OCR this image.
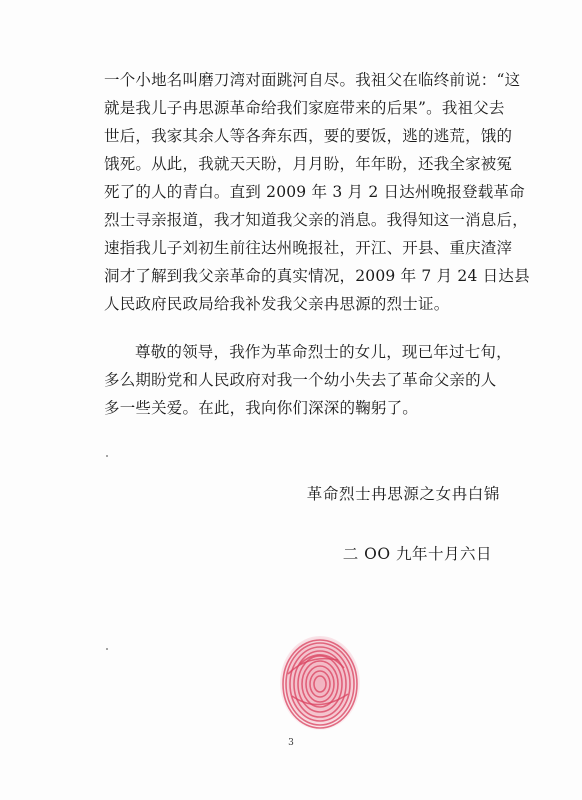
一个小地名叫磨刀湾对面跳河自尽。我祖父在临终前说：“这
就是我儿子冉思源革命给我们家庭带来的后果”。我祖父去
世后，我家其余人等各奔东西，要的要饭，逃的逃荒，饿的
饿死。从此，我就天天盼，月月盼，年年盼，还我全家被冤
死了的人的青白。直到 2009 年 3 月 2 日达州晚报登载革命
烈士寻亲报道，我才知道我父亲的消息。我得知这一消息后，
速指我儿子刘初生前往达州晚报社，开江、开县、重庆渣滓
洞才了解到我父亲革命的真实情况，2009 年 7 月 24 日达县
人民政府民政局给我补发我父亲冉思源的烈士证。
尊敬的领导，我作为革命烈士的女儿，现已年过七旬，
多么期盼党和人民政府对我一个幼小失去了革命父亲的人
多一些关爱。在此，我向你们深深的鞠躬了。
革命烈士冉思源之女冉白锦
二 OO 九年十月六日
3
